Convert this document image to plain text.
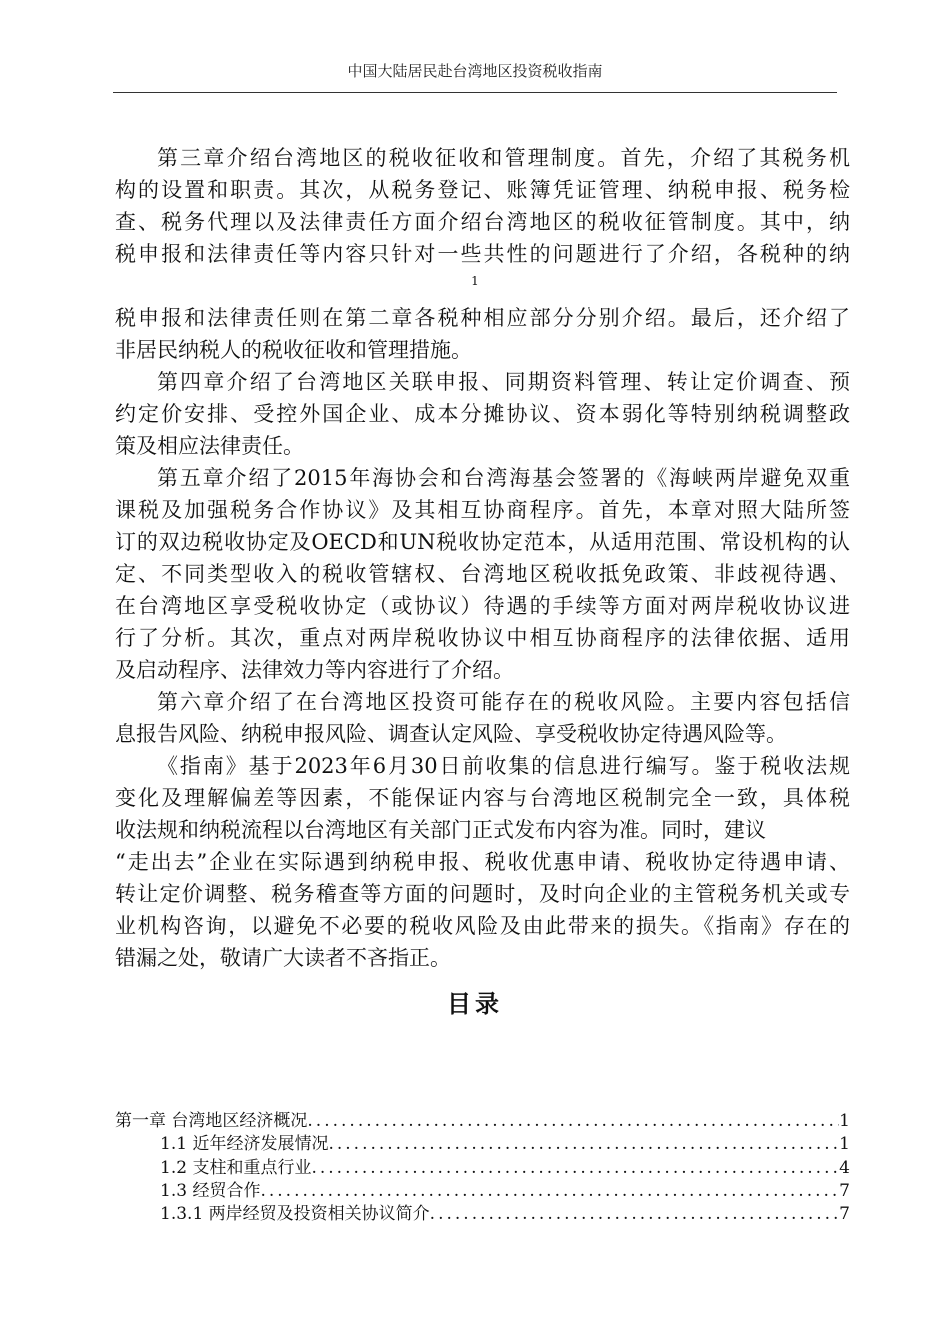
中国大陆居民赴台湾地区投资税收指南
第三章介绍台湾地区的税收征收和管理制度。首先，介绍了其税务机
构的设置和职责。其次，从税务登记、账簿凭证管理、纳税申报、税务检
查、税务代理以及法律责任方面介绍台湾地区的税收征管制度。其中，纳
税申报和法律责任等内容只针对一些共性的问题进行了介绍，各税种的纳
1
税申报和法律责任则在第二章各税种相应部分分别介绍。最后，还介绍了
非居民纳税人的税收征收和管理措施。
第四章介绍了台湾地区关联申报、同期资料管理、转让定价调查、预
约定价安排、受控外国企业、成本分摊协议、资本弱化等特别纳税调整政
策及相应法律责任。
第五章介绍了2015年海协会和台湾海基会签署的《海峡两岸避免双重
课税及加强税务合作协议》及其相互协商程序。首先，本章对照大陆所签
订的双边税收协定及OECD和UN税收协定范本，从适用范围、常设机构的认
定、不同类型收入的税收管辖权、台湾地区税收抵免政策、非歧视待遇、
在台湾地区享受税收协定（或协议）待遇的手续等方面对两岸税收协议进
行了分析。其次，重点对两岸税收协议中相互协商程序的法律依据、适用
及启动程序、法律效力等内容进行了介绍。
第六章介绍了在台湾地区投资可能存在的税收风险。主要内容包括信
息报告风险、纳税申报风险、调查认定风险、享受税收协定待遇风险等。
《指南》基于2023年6月30日前收集的信息进行编写。鉴于税收法规
变化及理解偏差等因素，不能保证内容与台湾地区税制完全一致，具体税
收法规和纳税流程以台湾地区有关部门正式发布内容为准。同时，建议
“走出去”企业在实际遇到纳税申报、税收优惠申请、税收协定待遇申请、
转让定价调整、税务稽查等方面的问题时，及时向企业的主管税务机关或专
业机构咨询，以避免不必要的税收风险及由此带来的损失。《指南》存在的
错漏之处，敬请广大读者不吝指正。
目录
第一章 台湾地区经济概况 .....	1
1.1 近年经济发展情况 .....	1
1.2 支柱和重点行业 .....	4
1.3 经贸合作 .....	7
1.3.1 两岸经贸及投资相关协议简介 .....	7
